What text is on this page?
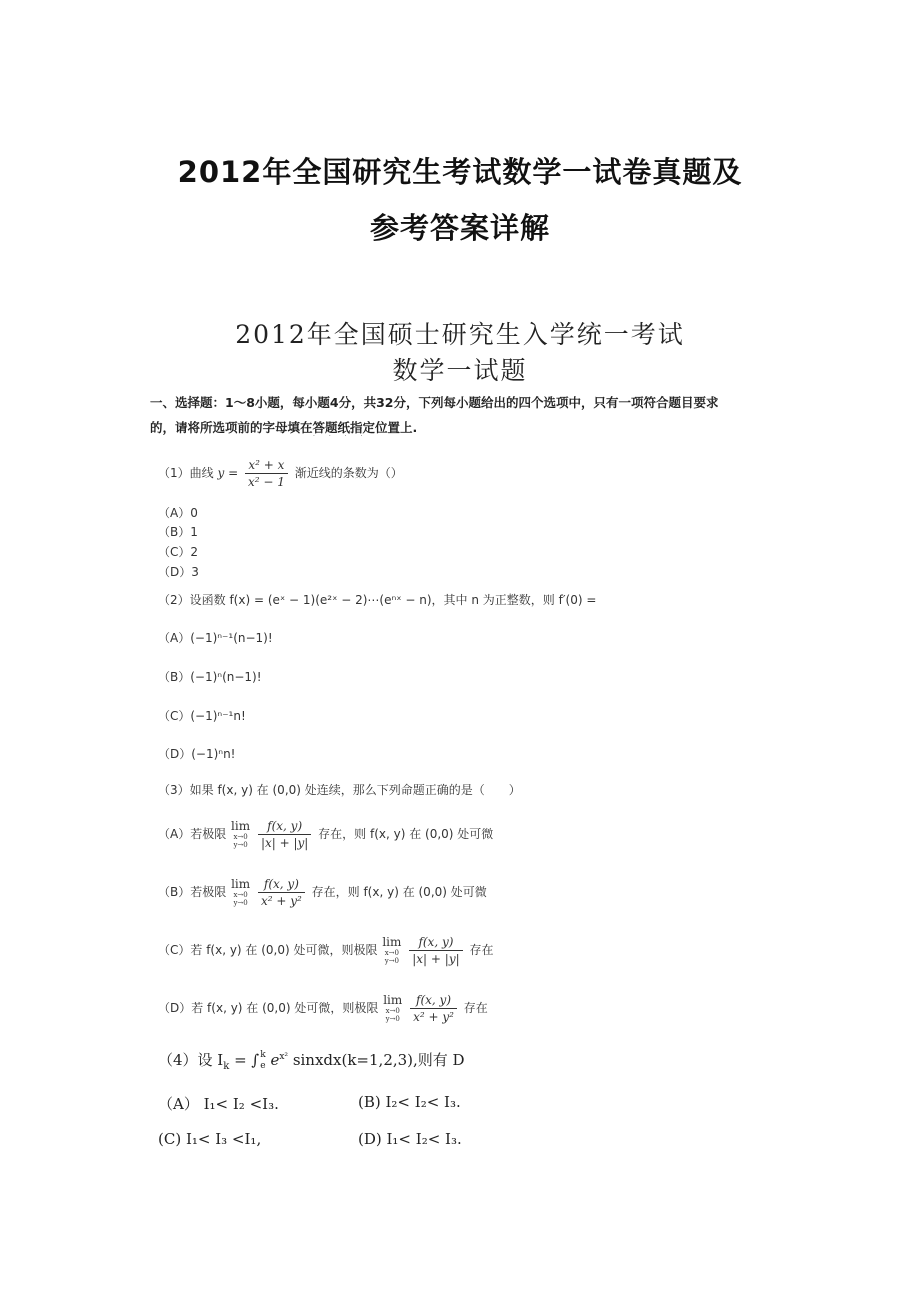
2012年全国研究生考试数学一试卷真题及
参考答案详解
2012年全国硕士研究生入学统一考试
数学一试题
一、选择题：1～8小题，每小题4分，共32分，下列每小题给出的四个选项中，只有一项符合题目要求
的，请将所选项前的字母填在答题纸指定位置上.
· · · ·
（1）曲线 $y = \frac{\text{x² + x}}{\text{x² − 1}}$ 渐近线的条数为（）
（A）0
（B）1
（C）2
（D）3
（2）设函数 f(x) = (eˣ − 1)(e²ˣ − 2)⋯(eⁿˣ − n)，其中 n 为正整数，则 f′(0) =
（A）(−1)ⁿ⁻¹(n−1)!
（B）(−1)ⁿ(n−1)!
（C）(−1)ⁿ⁻¹n!
（D）(−1)ⁿn!
（3）如果 f(x, y) 在 (0,0) 处连续，那么下列命题正确的是（　　）
（A）若极限
lim
x→0
y→0
$\frac{f(x, y)}{|x| + |y|}$ 存在，则 f(x, y) 在 (0,0) 处可微
（B）若极限
lim
x→0
y→0
$\frac{f(x, y)}{\text{x² + y²}}$ 存在，则 f(x, y) 在 (0,0) 处可微
（C）若 f(x, y) 在 (0,0) 处可微，则极限
lim
x→0
y→0
$\frac{f(x, y)}{|x| + |y|}$ 存在
（D）若 f(x, y) 在 (0,0) 处可微，则极限
lim
x→0
y→0
$\frac{f(x, y)}{\text{x² + y²}}$ 存在
（4）设 $I_k$ = ∫ k
e $e^{x^2}$ sinxdx(k=1,2,3),则有 D
（A） I₁< I₂ <I₃.	(B) I₂< I₂< I₃.
(C) I₁< I₃ <I₁,	(D) I₁< I₂< I₃.
